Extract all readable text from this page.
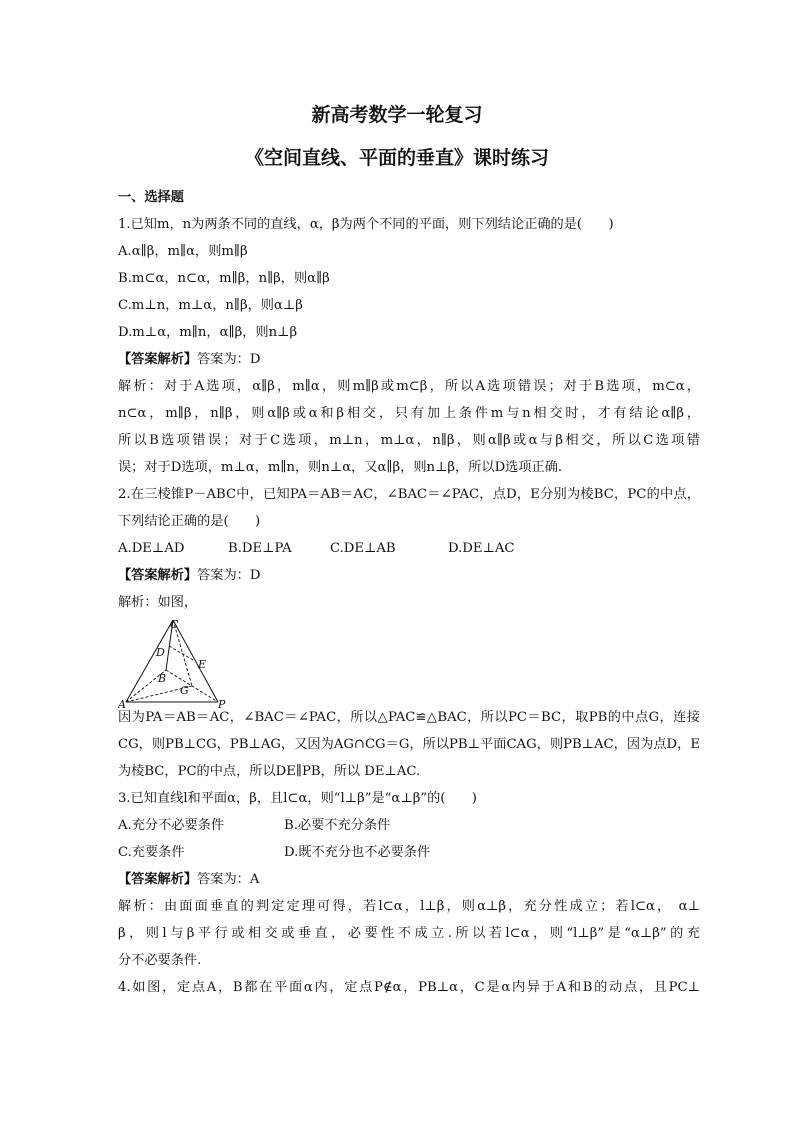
新高考数学一轮复习
《空间直线、平面的垂直》课时练习
一、选择题
1.已知m，n为两条不同的直线，α，β为两个不同的平面，则下列结论正确的是(　　)
A.α∥β，m∥α，则m∥β
B.m⊂α，n⊂α，m∥β，n∥β，则α∥β
C.m⊥n，m⊥α，n∥β，则α⊥β
D.m⊥α，m∥n，α∥β，则n⊥β
【答案解析】答案为：D
解析：对于A选项，α∥β，m∥α，则m∥β或m⊂β，所以A选项错误；对于B选项，m⊂α，
n⊂α，m∥β，n∥β，则α∥β或α和β相交，只有加上条件m与n相交时，才有结论α∥β，
所以B选项错误；对于C选项，m⊥n，m⊥α，n∥β，则α∥β或α与β相交，所以C选项错
误；对于D选项，m⊥α，m∥n，则n⊥α，又α∥β，则n⊥β，所以D选项正确.
2.在三棱锥P－ABC中，已知PA＝AB＝AC，∠BAC＝∠PAC，点D，E分别为棱BC，PC的中点，
下列结论正确的是(　　)
A.DE⊥AD	B.DE⊥PA	C.DE⊥AB	D.DE⊥AC
【答案解析】答案为：D
解析：如图，
C
D
E
B
G
A	P
因为PA＝AB＝AC，∠BAC＝∠PAC，所以△PAC≌△BAC，所以PC＝BC，取PB的中点G，连接
CG，则PB⊥CG，PB⊥AG，又因为AG∩CG＝G，所以PB⊥平面CAG，则PB⊥AC，因为点D，E
为棱BC，PC的中点，所以DE∥PB，所以 DE⊥AC.
3.已知直线l和平面α，β，且l⊂α，则“l⊥β”是“α⊥β”的(　　)
A.充分不必要条件	B.必要不充分条件
C.充要条件	D.既不充分也不必要条件
【答案解析】答案为：A
解析：由面面垂直的判定定理可得，若l⊂α，l⊥β，则α⊥β，充分性成立；若l⊂α， α⊥
β，则l与β平行或相交或垂直，必要性不成立.所以若l⊂α，则“l⊥β”是“α⊥β”的充
分不必要条件.
4.如图，定点A，B都在平面α内，定点P∉α，PB⊥α，C是α内异于A和B的动点，且PC⊥
